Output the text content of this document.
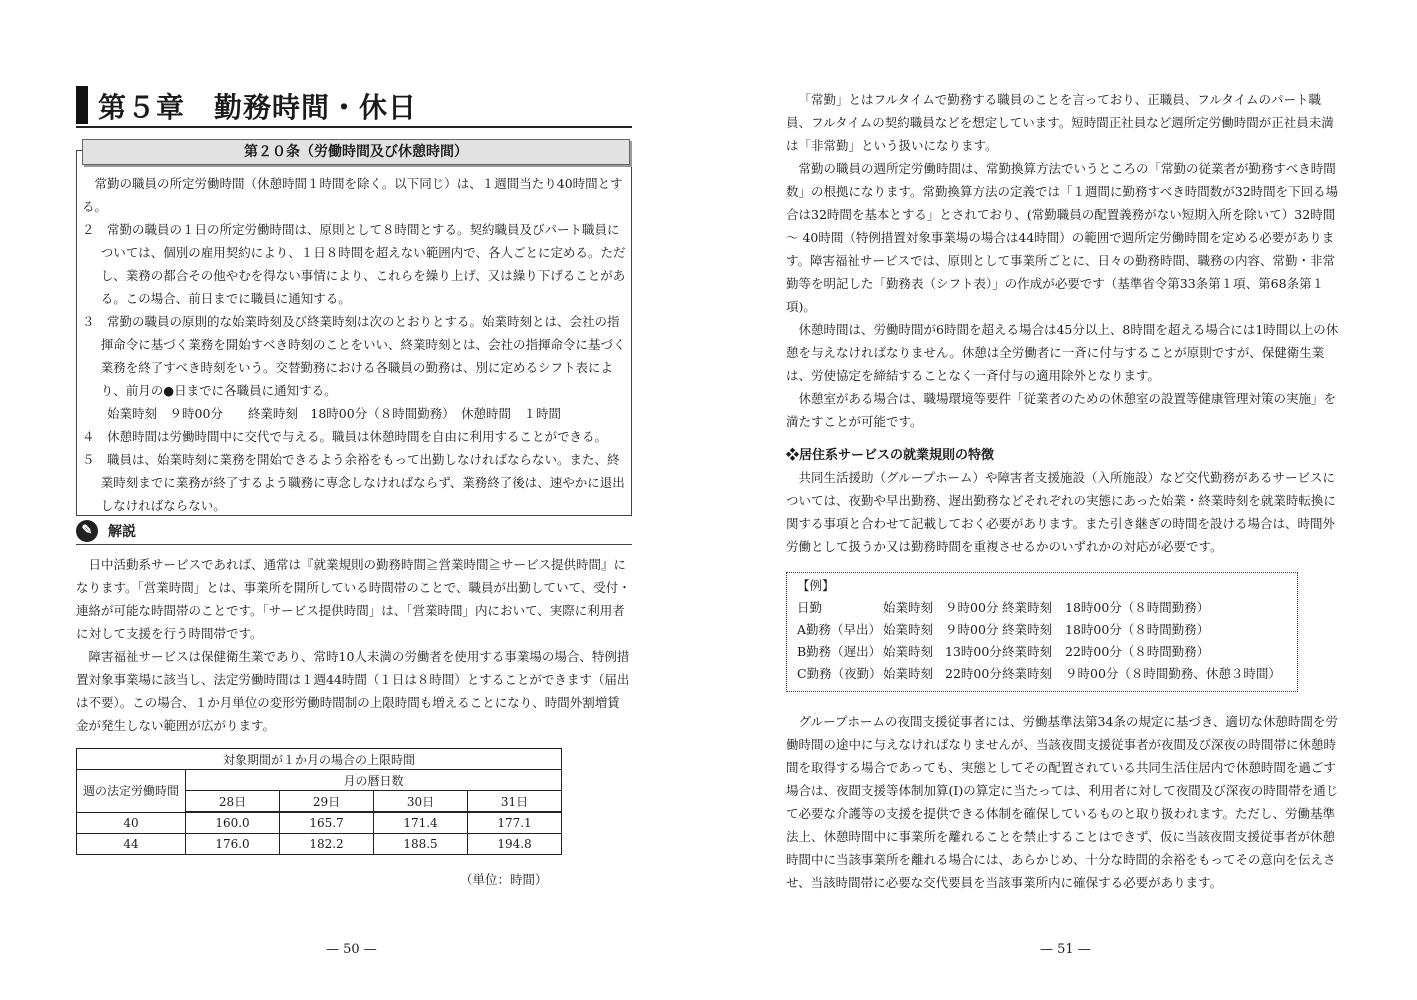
第５章　勤務時間・休日
第２０条（労働時間及び休憩時間）

常勤の職員の所定労働時間（休憩時間１時間を除く。以下同じ）は、１週間当たり40時間とする。

２　常勤の職員の１日の所定労働時間は、原則として８時間とする。契約職員及びパート職員については、個別の雇用契約により、１日８時間を超えない範囲内で、各人ごとに定める。ただし、業務の都合その他やむを得ない事情により、これらを繰り上げ、又は繰り下げることがある。この場合、前日までに職員に通知する。

３　常勤の職員の原則的な始業時刻及び終業時刻は次のとおりとする。始業時刻とは、会社の指揮命令に基づく業務を開始すべき時刻のことをいい、終業時刻とは、会社の指揮命令に基づく業務を終了すべき時刻をいう。交替勤務における各職員の勤務は、別に定めるシフト表により、前月の●日までに各職員に通知する。

始業時刻　９時00分　　終業時刻　18時00分（８時間勤務）　休憩時間　１時間

４　休憩時間は労働時間中に交代で与える。職員は休憩時間を自由に利用することができる。

５　職員は、始業時刻に業務を開始できるよう余裕をもって出勤しなければならない。また、終業時刻までに業務が終了するよう職務に専念しなければならず、業務終了後は、速やかに退出しなければならない。

✎ 解説

日中活動系サービスであれば、通常は『就業規則の勤務時間≧営業時間≧サービス提供時間』になります。「営業時間」とは、事業所を開所している時間帯のことで、職員が出勤していて、受付・連絡が可能な時間帯のことです。「サービス提供時間」は、「営業時間」内において、実際に利用者に対して支援を行う時間帯です。

障害福祉サービスは保健衛生業であり、常時10人未満の労働者を使用する事業場の場合、特例措置対象事業場に該当し、法定労働時間は１週44時間（１日は８時間）とすることができます（届出は不要）。この場合、１か月単位の変形労働時間制の上限時間も増えることになり、時間外割増賃金が発生しない範囲が広がります。

対象期間が１か月の場合の上限時間				
週の法定労働時間	月の暦日数			
	28日	29日	30日	31日
40	160.0	165.7	171.4	177.1
44	176.0	182.2	188.5	194.8
（単位：時間）
— 50 —

「常勤」とはフルタイムで勤務する職員のことを言っており、正職員、フルタイムのパート職員、フルタイムの契約職員などを想定しています。短時間正社員など週所定労働時間が正社員未満は「非常勤」という扱いになります。

常勤の職員の週所定労働時間は、常勤換算方法でいうところの「常勤の従業者が勤務すべき時間数」の根拠になります。常勤換算方法の定義では「１週間に勤務すべき時間数が32時間を下回る場合は32時間を基本とする」とされており、(常勤職員の配置義務がない短期入所を除いて）32時間～ 40時間（特例措置対象事業場の場合は44時間）の範囲で週所定労働時間を定める必要があります。障害福祉サービスでは、原則として事業所ごとに、日々の勤務時間、職務の内容、常勤・非常勤等を明記した「勤務表（シフト表）」の作成が必要です（基準省令第33条第１項、第68条第１項)。

休憩時間は、労働時間が6時間を超える場合は45分以上、8時間を超える場合には1時間以上の休憩を与えなければなりません。休憩は全労働者に一斉に付与することが原則ですが、保健衛生業は、労使協定を締結することなく一斉付与の適用除外となります。

休憩室がある場合は、職場環境等要件「従業者のための休憩室の設置等健康管理対策の実施」を満たすことが可能です。

❖居住系サービスの就業規則の特徴

共同生活援助（グループホーム）や障害者支援施設（入所施設）など交代勤務があるサービスについては、夜勤や早出勤務、遅出勤務などそれぞれの実態にあった始業・終業時刻を就業時転換に関する事項と合わせて記載しておく必要があります。また引き継ぎの時間を設ける場合は、時間外労働として扱うか又は勤務時間を重複させるかのいずれかの対応が必要です。

【例】
日勤	始業時刻 ９時00分 終業時刻 18時00分（８時間勤務）
A勤務（早出） 始業時刻 ９時00分 終業時刻 18時00分（８時間勤務）
B勤務（遅出） 始業時刻 13時00分 終業時刻 22時00分（８時間勤務）
C勤務（夜勤） 始業時刻 22時00分 終業時刻 ９時00分（８時間勤務、休憩３時間）

グループホームの夜間支援従事者には、労働基準法第34条の規定に基づき、適切な休憩時間を労働時間の途中に与えなければなりませんが、当該夜間支援従事者が夜間及び深夜の時間帯に休憩時間を取得する場合であっても、実態としてその配置されている共同生活住居内で休憩時間を過ごす場合は、夜間支援等体制加算(I)の算定に当たっては、利用者に対して夜間及び深夜の時間帯を通じて必要な介護等の支援を提供できる体制を確保しているものと取り扱われます。ただし、労働基準法上、休憩時間中に事業所を離れることを禁止することはできず、仮に当該夜間支援従事者が休憩時間中に当該事業所を離れる場合には、あらかじめ、十分な時間的余裕をもってその意向を伝えさせ、当該時間帯に必要な交代要員を当該事業所内に確保する必要があります。

— 51 —
